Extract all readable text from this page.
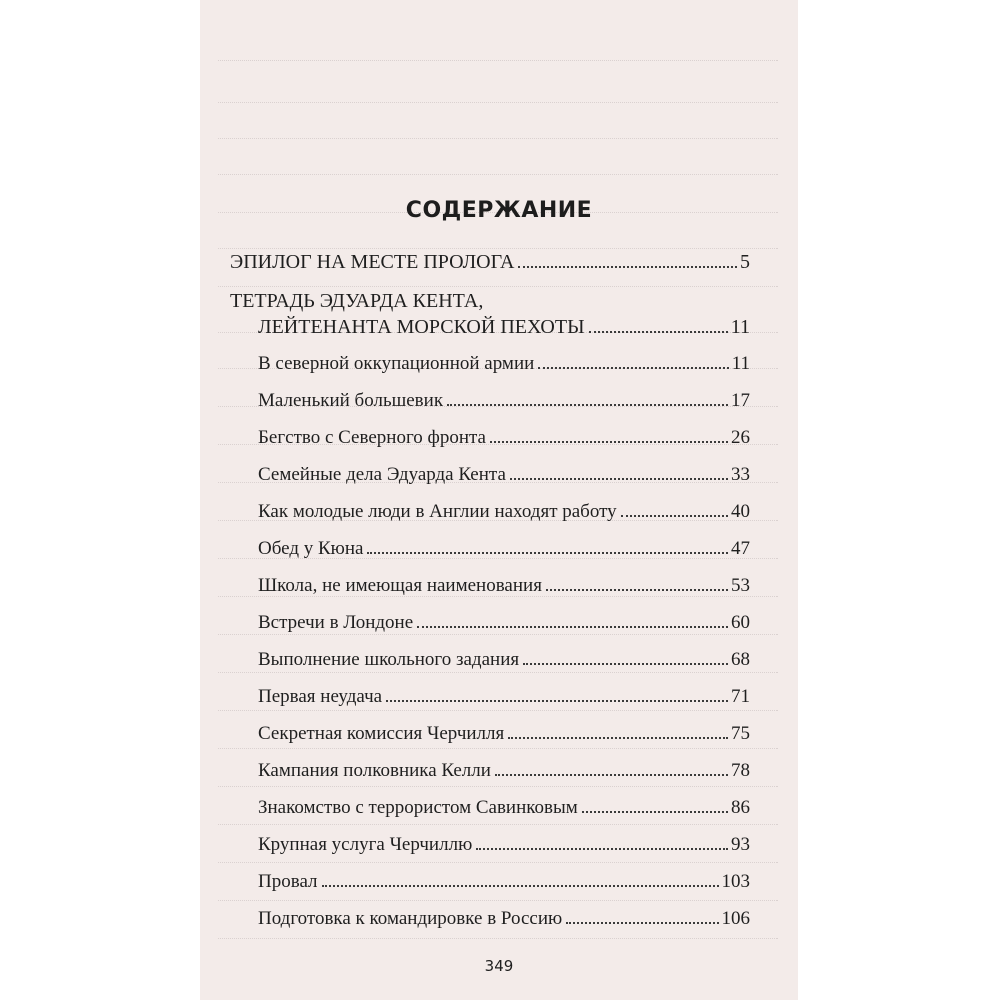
СОДЕРЖАНИЕ
ЭПИЛОГ НА МЕСТЕ ПРОЛОГА	5
ТЕТРАДЬ ЭДУАРДА КЕНТА,
ЛЕЙТЕНАНТА МОРСКОЙ ПЕХОТЫ	11
В северной оккупационной армии	11
Маленький большевик	17
Бегство с Северного фронта	26
Семейные дела Эдуарда Кента	33
Как молодые люди в Англии находят работу	40
Обед у Кюна	47
Школа, не имеющая наименования	53
Встречи в Лондоне	60
Выполнение школьного задания	68
Первая неудача	71
Секретная комиссия Черчилля	75
Кампания полковника Келли	78
Знакомство с террористом Савинковым	86
Крупная услуга Черчиллю	93
Провал	103
Подготовка к командировке в Россию	106
349
